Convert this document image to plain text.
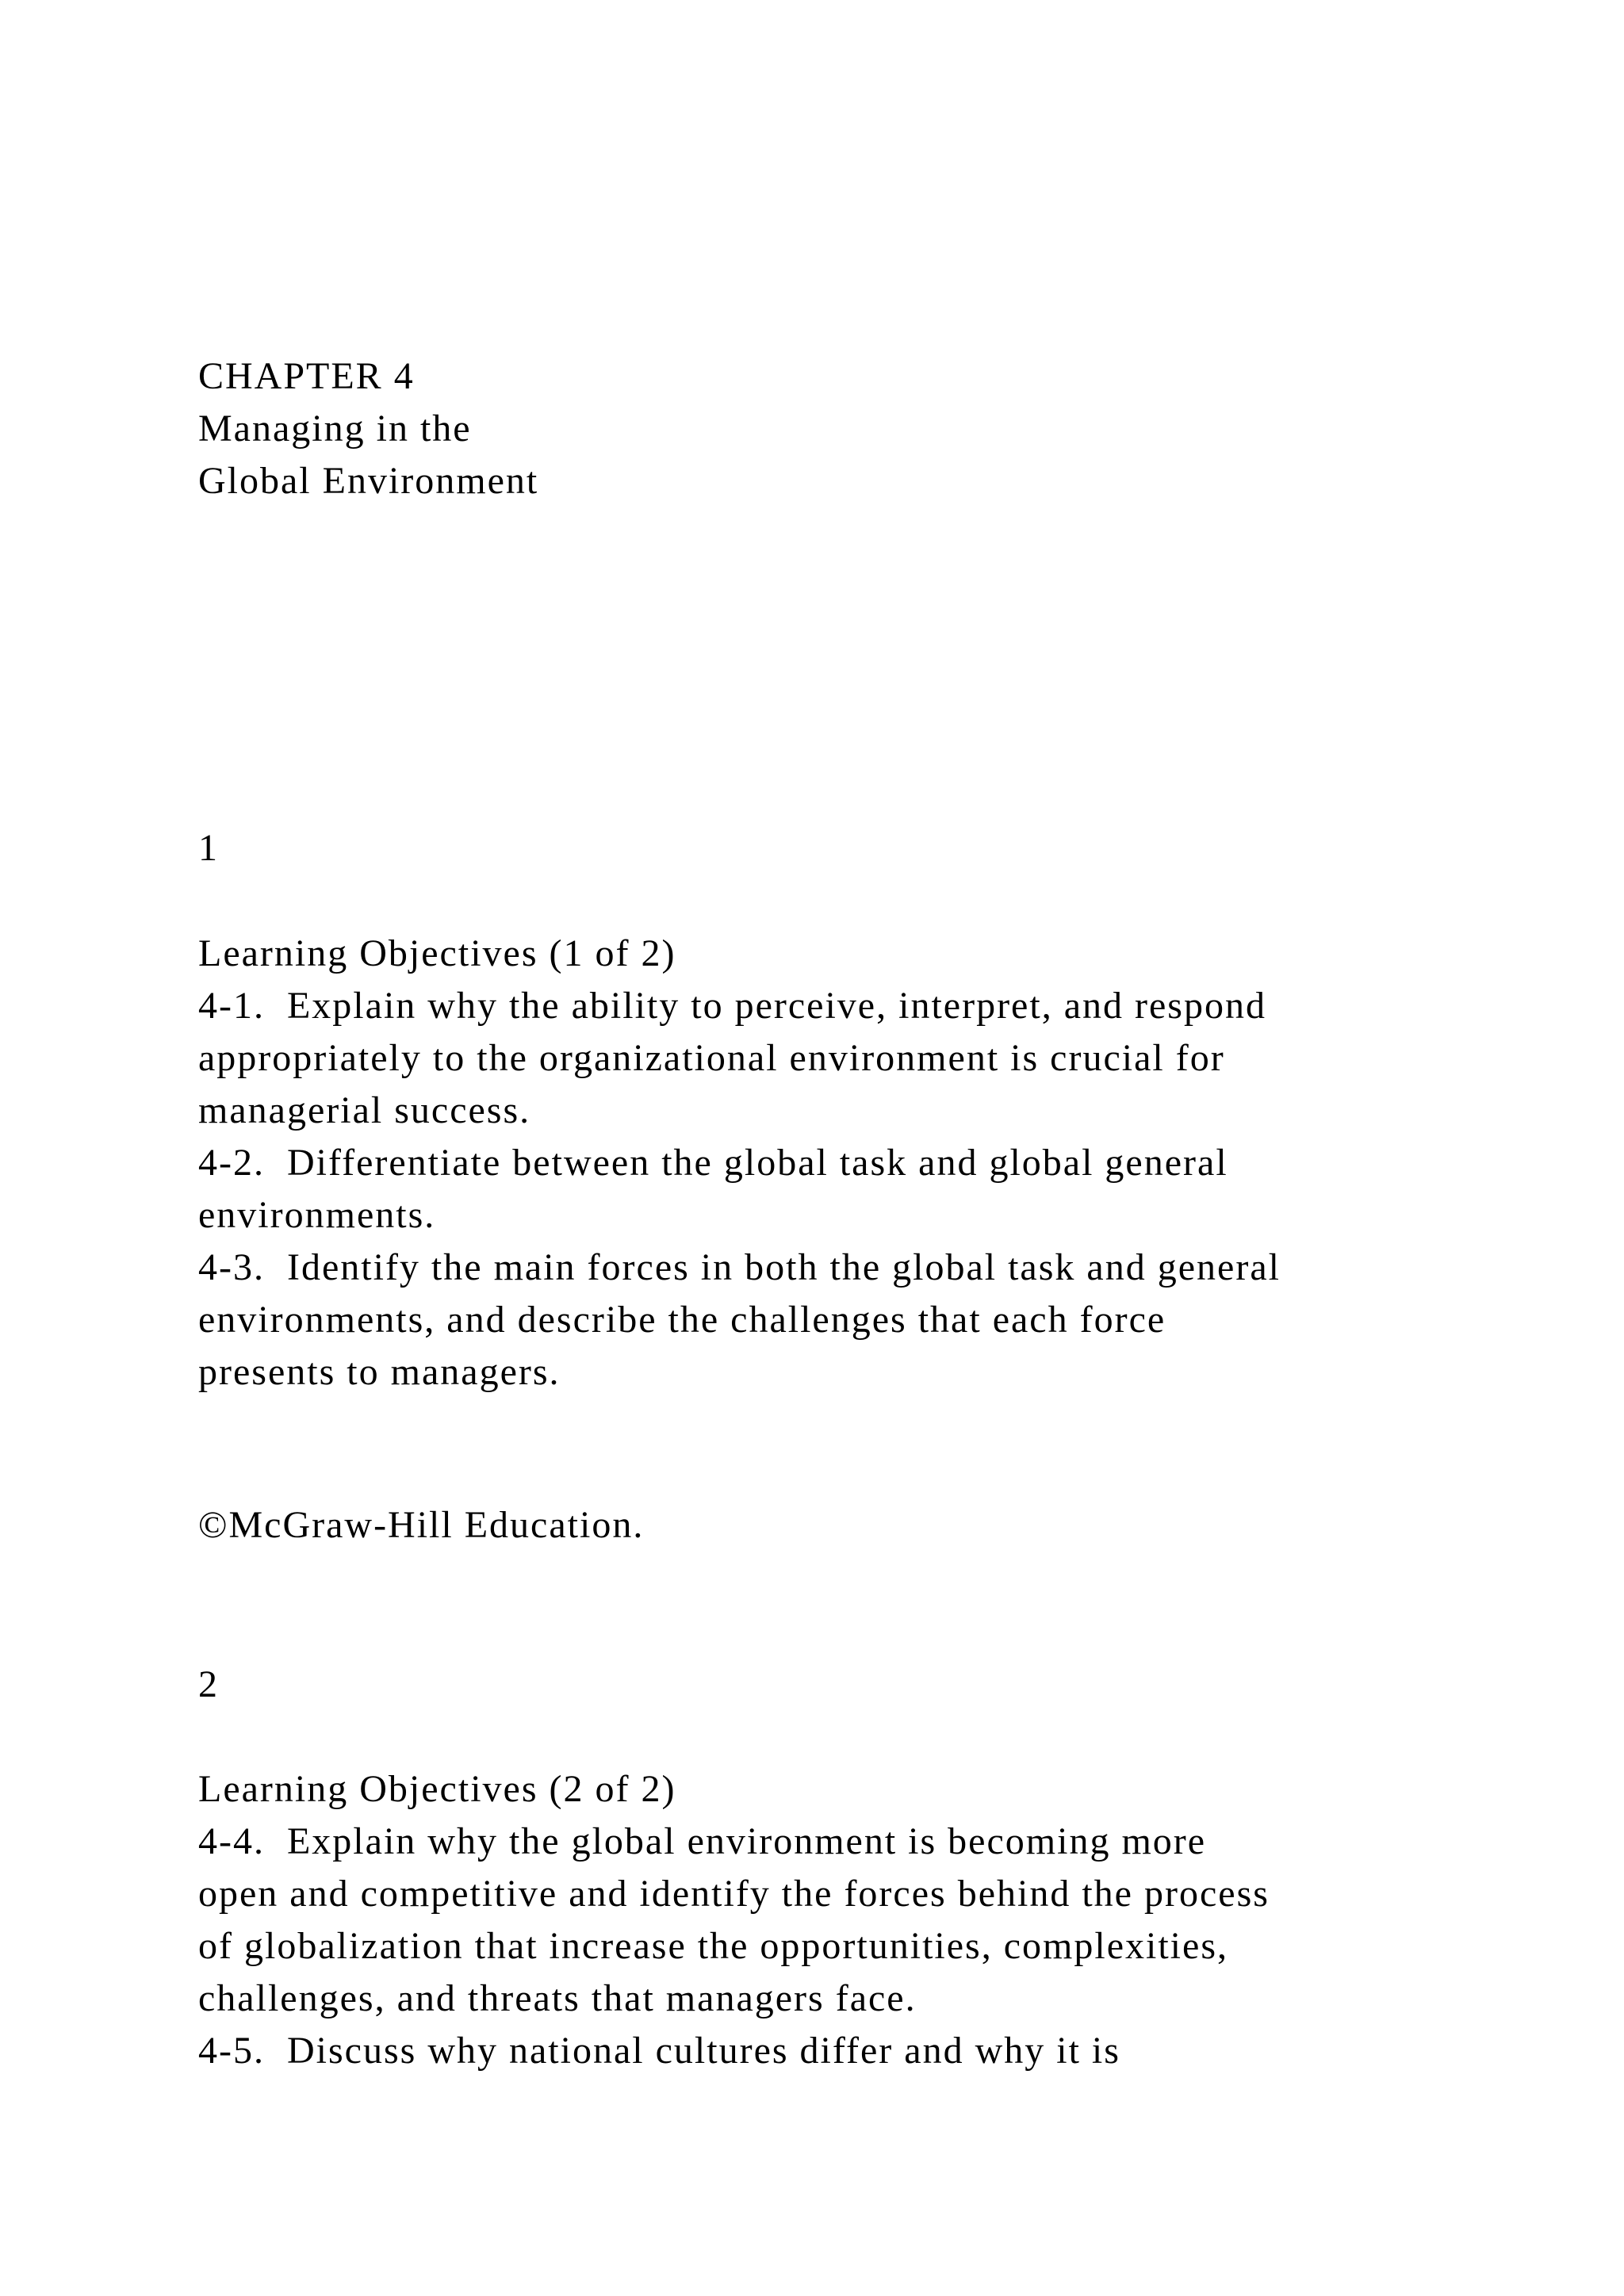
CHAPTER 4
Managing in the
Global Environment
1
Learning Objectives (1 of 2)
4-1.  Explain why the ability to perceive, interpret, and respond
appropriately to the organizational environment is crucial for
managerial success.
4-2.  Differentiate between the global task and global general
environments.
4-3.  Identify the main forces in both the global task and general
environments, and describe the challenges that each force
presents to managers.
©McGraw-Hill Education.
2
Learning Objectives (2 of 2)
4-4.  Explain why the global environment is becoming more
open and competitive and identify the forces behind the process
of globalization that increase the opportunities, complexities,
challenges, and threats that managers face.
4-5.  Discuss why national cultures differ and why it is
